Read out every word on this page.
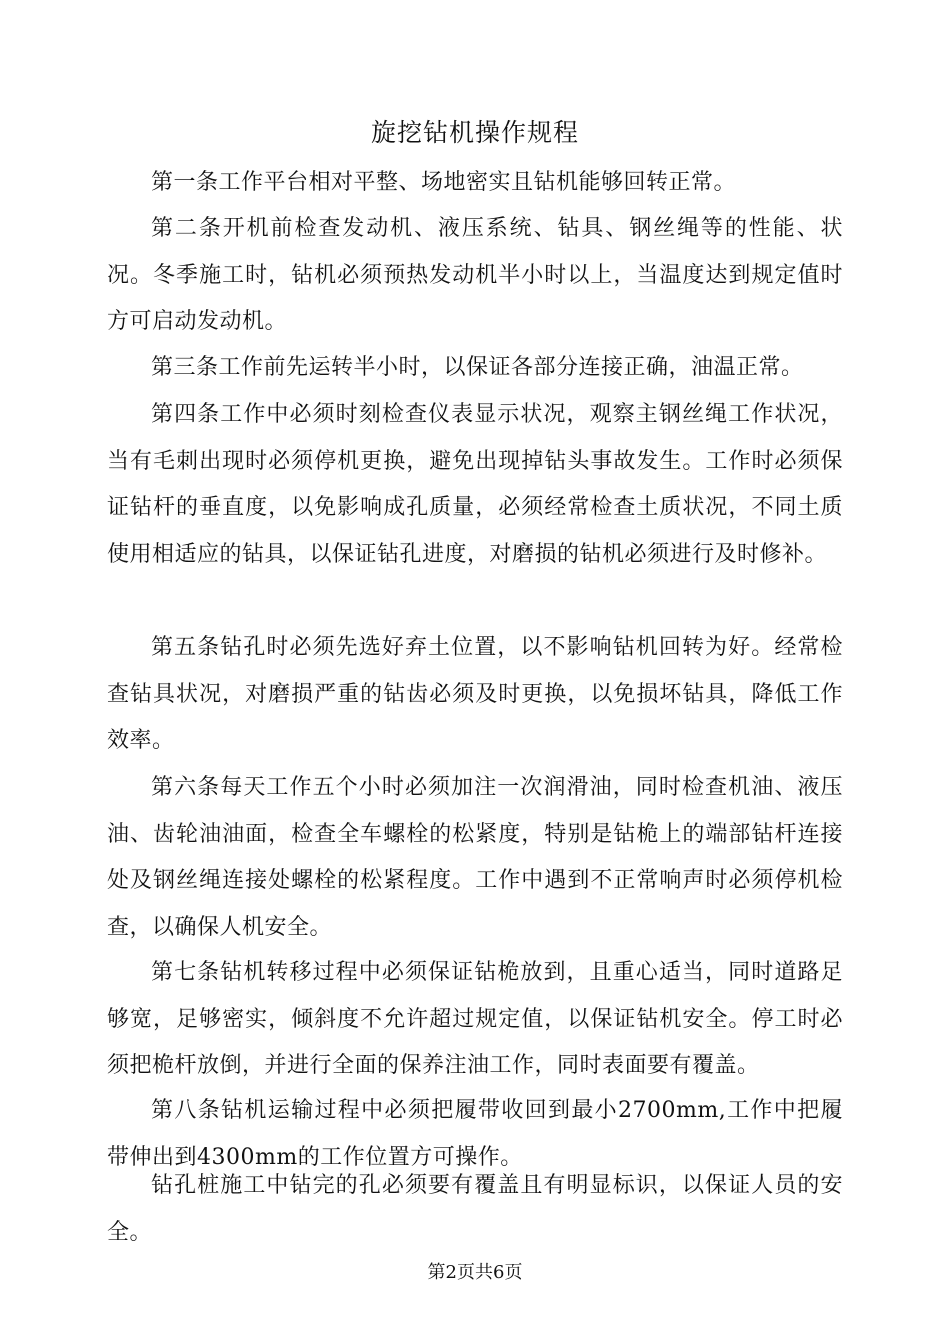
旋挖钻机操作规程

第一条工作平台相对平整、场地密实且钻机能够回转正常。

第二条开机前检查发动机、液压系统、钻具、钢丝绳等的性能、状况。冬季施工时，钻机必须预热发动机半小时以上，当温度达到规定值时方可启动发动机。

第三条工作前先运转半小时，以保证各部分连接正确，油温正常。

第四条工作中必须时刻检查仪表显示状况，观察主钢丝绳工作状况，当有毛刺出现时必须停机更换，避免出现掉钻头事故发生。工作时必须保证钻杆的垂直度，以免影响成孔质量，必须经常检查土质状况，不同土质使用相适应的钻具，以保证钻孔进度，对磨损的钻机必须进行及时修补。

第五条钻孔时必须先选好弃土位置，以不影响钻机回转为好。经常检查钻具状况，对磨损严重的钻齿必须及时更换，以免损坏钻具，降低工作效率。

第六条每天工作五个小时必须加注一次润滑油，同时检查机油、液压油、齿轮油油面，检查全车螺栓的松紧度，特别是钻桅上的端部钻杆连接处及钢丝绳连接处螺栓的松紧程度。工作中遇到不正常响声时必须停机检查，以确保人机安全。

第七条钻机转移过程中必须保证钻桅放到，且重心适当，同时道路足够宽，足够密实，倾斜度不允许超过规定值，以保证钻机安全。停工时必须把桅杆放倒，并进行全面的保养注油工作，同时表面要有覆盖。

第八条钻机运输过程中必须把履带收回到最小2700mm,工作中把履带伸出到4300mm的工作位置方可操作。

钻孔桩施工中钻完的孔必须要有覆盖且有明显标识，以保证人员的安全。

第2页共6页
